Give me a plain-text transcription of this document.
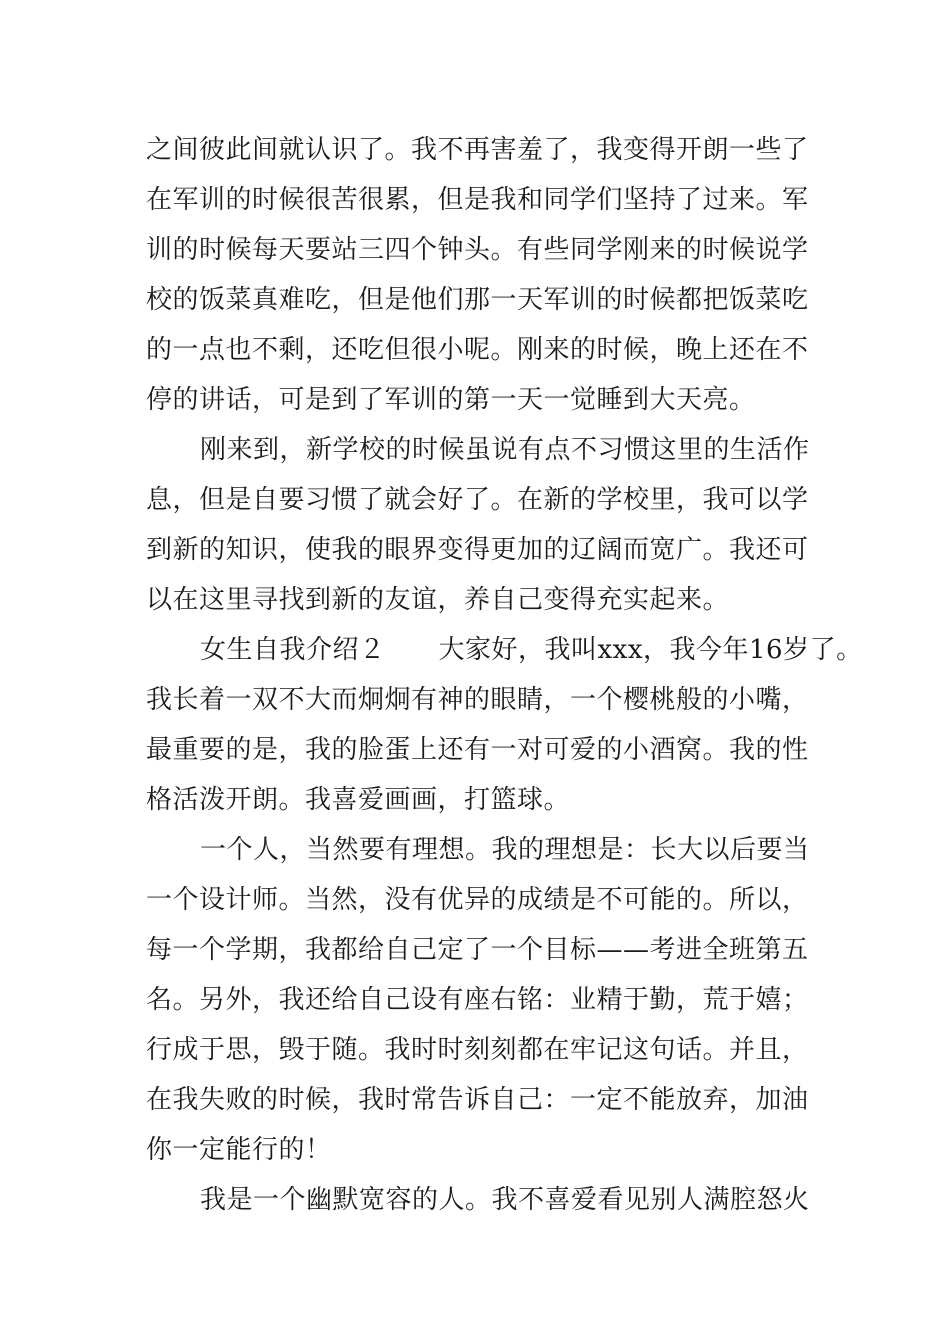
之间彼此间就认识了。我不再害羞了，我变得开朗一些了
在军训的时候很苦很累，但是我和同学们坚持了过来。军
训的时候每天要站三四个钟头。有些同学刚来的时候说学
校的饭菜真难吃，但是他们那一天军训的时候都把饭菜吃
的一点也不剩，还吃但很小呢。刚来的时候，晚上还在不
停的讲话，可是到了军训的第一天一觉睡到大天亮。
刚来到，新学校的时候虽说有点不习惯这里的生活作
息，但是自要习惯了就会好了。在新的学校里，我可以学
到新的知识，使我的眼界变得更加的辽阔而宽广。我还可
以在这里寻找到新的友谊，养自己变得充实起来。
女生自我介绍２　　大家好，我叫xxx，我今年16岁了。
我长着一双不大而炯炯有神的眼睛，一个樱桃般的小嘴，
最重要的是，我的脸蛋上还有一对可爱的小酒窝。我的性
格活泼开朗。我喜爱画画，打篮球。
一个人，当然要有理想。我的理想是：长大以后要当
一个设计师。当然，没有优异的成绩是不可能的。所以，
每一个学期，我都给自己定了一个目标——考进全班第五
名。另外，我还给自己设有座右铭：业精于勤，荒于嬉；
行成于思，毁于随。我时时刻刻都在牢记这句话。并且，
在我失败的时候，我时常告诉自己：一定不能放弃，加油
你一定能行的！
我是一个幽默宽容的人。我不喜爱看见别人满腔怒火
